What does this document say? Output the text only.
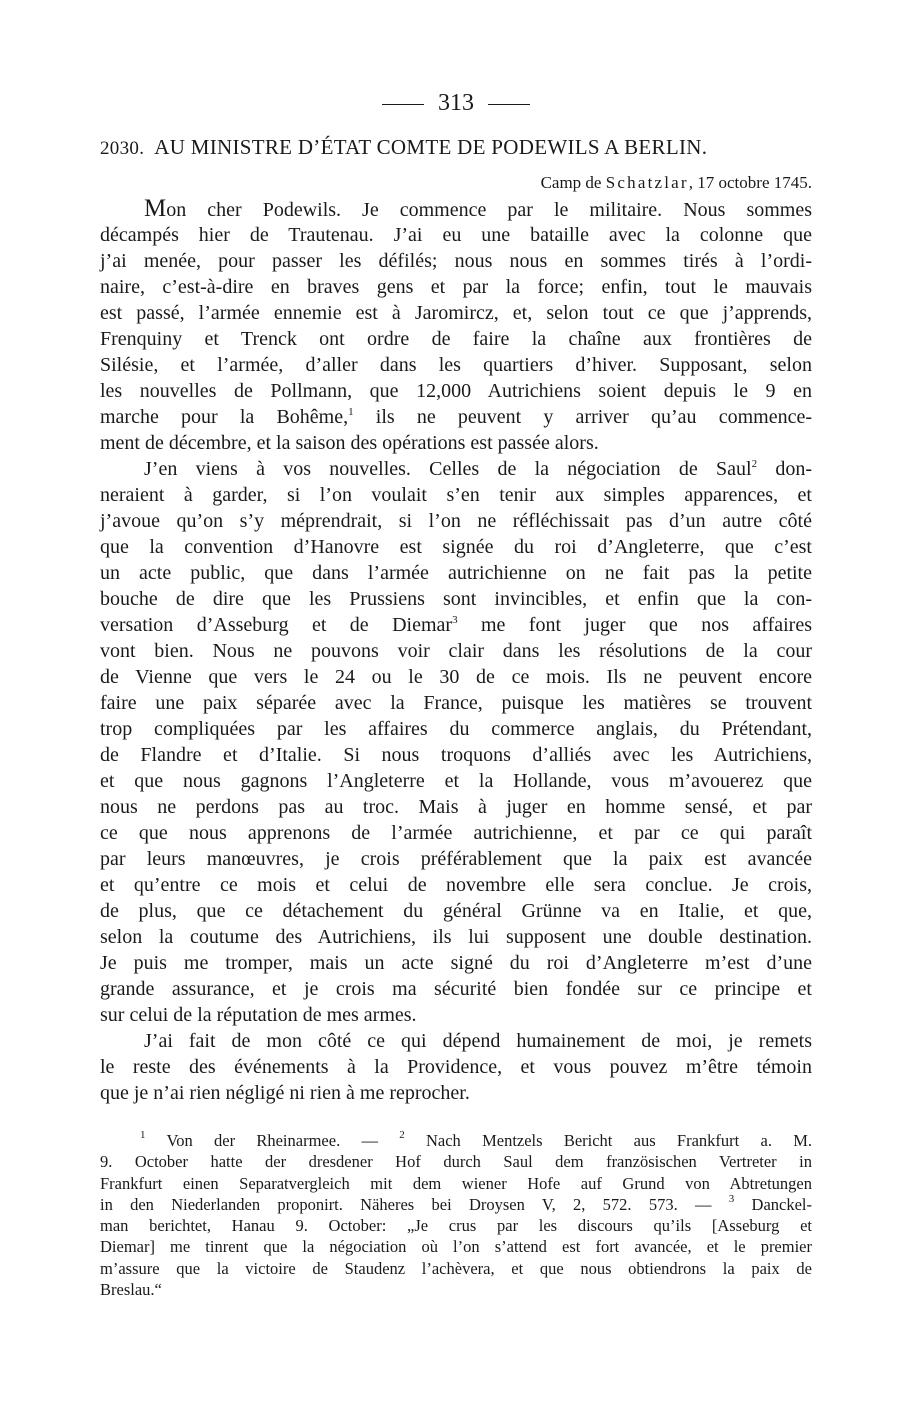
313
2030. AU MINISTRE D’ÉTAT COMTE DE PODEWILS A BERLIN.
Camp de Schatzlar, 17 octobre 1745.
Mon cher Podewils. Je commence par le militaire. Nous sommes
décampés hier de Trautenau. J’ai eu une bataille avec la colonne que
j’ai menée, pour passer les défilés; nous nous en sommes tirés à l’ordi-
naire, c’est-à-dire en braves gens et par la force; enfin, tout le mauvais
est passé, l’armée ennemie est à Jaromircz, et, selon tout ce que j’apprends,
Frenquiny et Trenck ont ordre de faire la chaîne aux frontières de
Silésie, et l’armée, d’aller dans les quartiers d’hiver. Supposant, selon
les nouvelles de Pollmann, que 12,000 Autrichiens soient depuis le 9 en
marche pour la Bohême,$^1$ ils ne peuvent y arriver qu’au commence-
ment de décembre, et la saison des opérations est passée alors.
J’en viens à vos nouvelles. Celles de la négociation de Saul$^2$ don-
neraient à garder, si l’on voulait s’en tenir aux simples apparences, et
j’avoue qu’on s’y méprendrait, si l’on ne réfléchissait pas d’un autre côté
que la convention d’Hanovre est signée du roi d’Angleterre, que c’est
un acte public, que dans l’armée autrichienne on ne fait pas la petite
bouche de dire que les Prussiens sont invincibles, et enfin que la con-
versation d’Asseburg et de Diemar$^3$ me font juger que nos affaires
vont bien. Nous ne pouvons voir clair dans les résolutions de la cour
de Vienne que vers le 24 ou le 30 de ce mois. Ils ne peuvent encore
faire une paix séparée avec la France, puisque les matières se trouvent
trop compliquées par les affaires du commerce anglais, du Prétendant,
de Flandre et d’Italie. Si nous troquons d’alliés avec les Autrichiens,
et que nous gagnons l’Angleterre et la Hollande, vous m’avouerez que
nous ne perdons pas au troc. Mais à juger en homme sensé, et par
ce que nous apprenons de l’armée autrichienne, et par ce qui paraît
par leurs manœuvres, je crois préférablement que la paix est avancée
et qu’entre ce mois et celui de novembre elle sera conclue. Je crois,
de plus, que ce détachement du général Grünne va en Italie, et que,
selon la coutume des Autrichiens, ils lui supposent une double destination.
Je puis me tromper, mais un acte signé du roi d’Angleterre m’est d’une
grande assurance, et je crois ma sécurité bien fondée sur ce principe et
sur celui de la réputation de mes armes.
J’ai fait de mon côté ce qui dépend humainement de moi, je remets
le reste des événements à la Providence, et vous pouvez m’être témoin
que je n’ai rien négligé ni rien à me reprocher.
$^1$ Von der Rheinarmee. — $^2$ Nach Mentzels Bericht aus Frankfurt a. M.
9. October hatte der dresdener Hof durch Saul dem französischen Vertreter in
Frankfurt einen Separatvergleich mit dem wiener Hofe auf Grund von Abtretungen
in den Niederlanden proponirt. Näheres bei Droysen V, 2, 572. 573. — $^3$ Danckel-
man berichtet, Hanau 9. October: „Je crus par les discours qu’ils [Asseburg et
Diemar] me tinrent que la négociation où l’on s’attend est fort avancée, et le premier
m’assure que la victoire de Staudenz l’achèvera, et que nous obtiendrons la paix de
Breslau.“
